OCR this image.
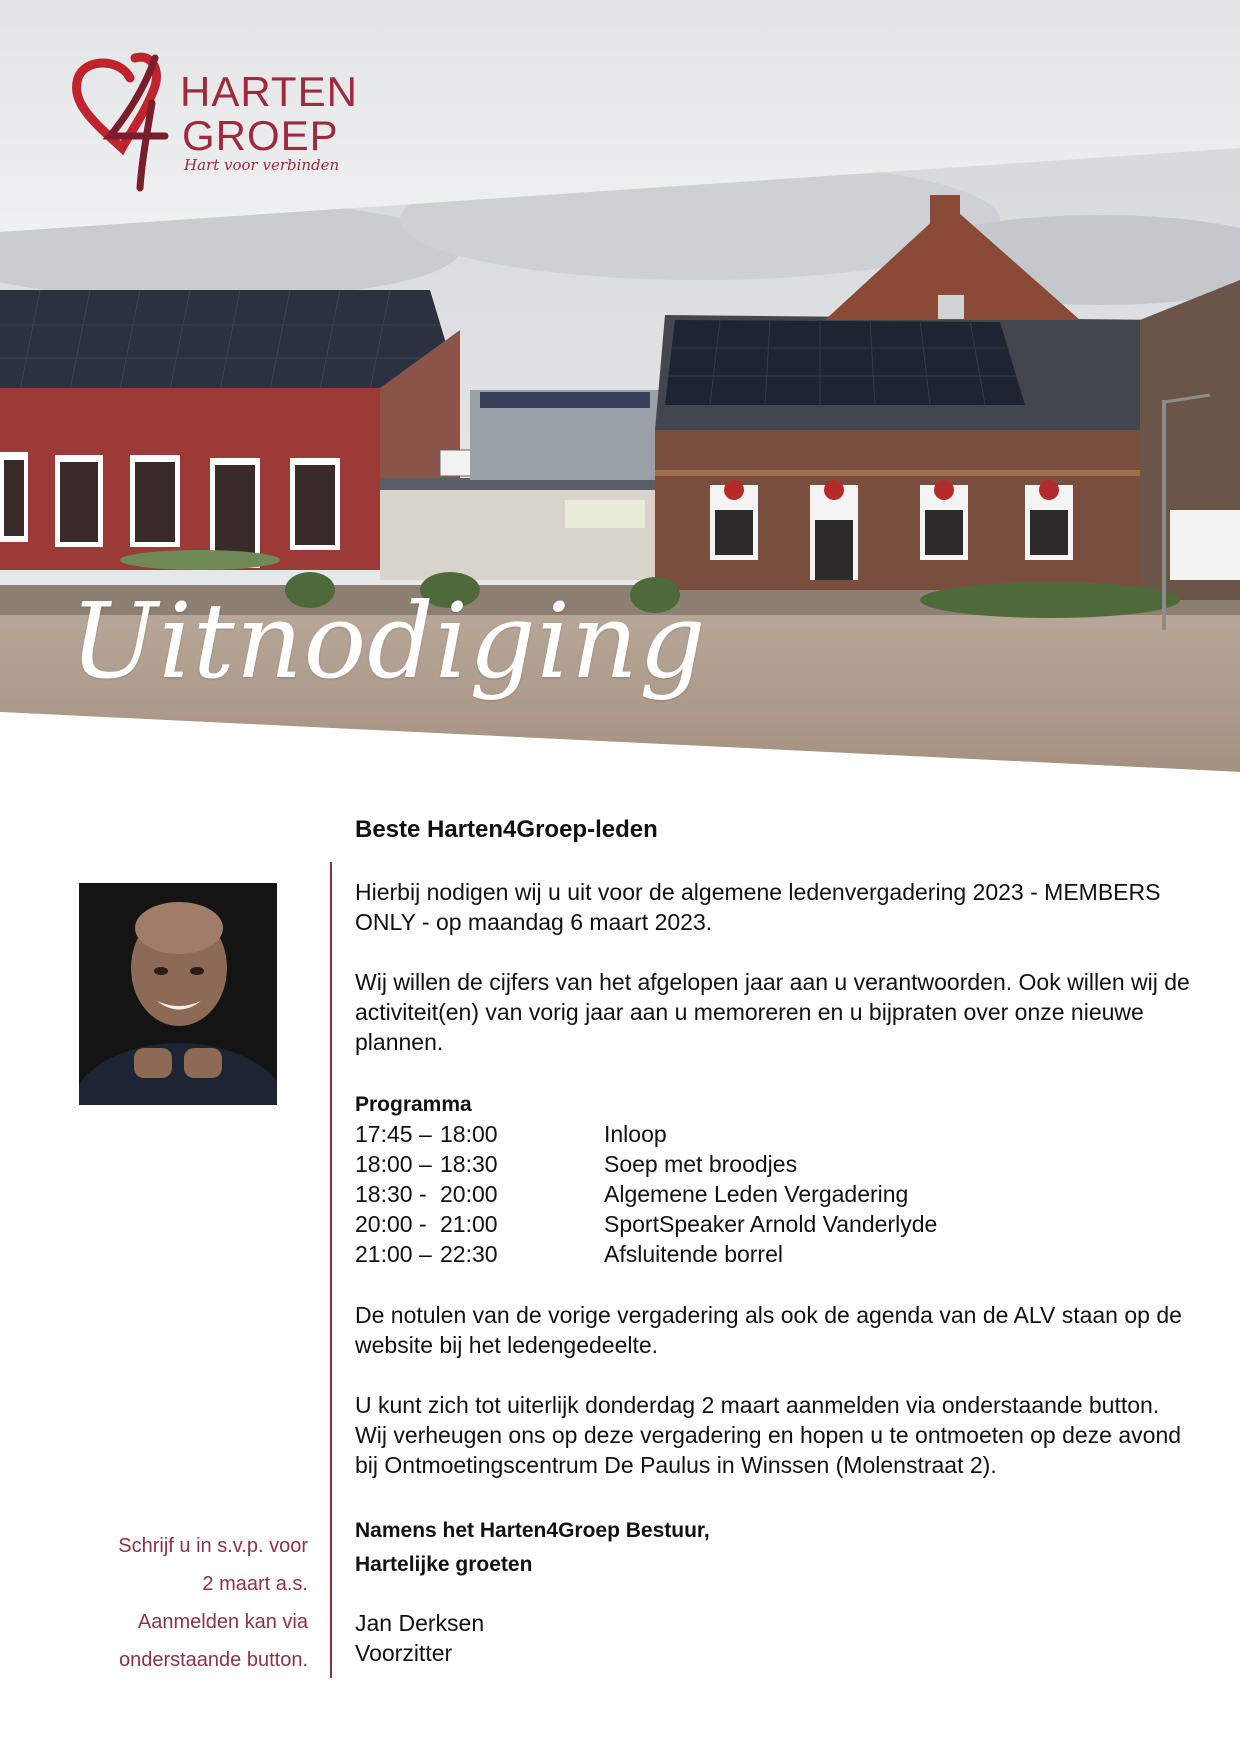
HARTEN
GROEP
Hart voor verbinden
Uitnodiging
Beste Harten4Groep-leden
Hierbij nodigen wij u uit voor de algemene ledenvergadering 2023 - MEMBERS ONLY - op maandag 6 maart 2023.
Wij willen de cijfers van het afgelopen jaar aan u verantwoorden. Ook willen wij de activiteit(en) van vorig jaar aan u memoreren en u bijpraten over onze nieuwe plannen.
Programma
17:45 – 18:00	Inloop
18:00 – 18:30	Soep met broodjes
18:30 - 20:00	Algemene Leden Vergadering
20:00 - 21:00	SportSpeaker Arnold Vanderlyde
21:00 – 22:30	Afsluitende borrel
De notulen van de vorige vergadering als ook de agenda van de ALV staan op de website bij het ledengedeelte.
U kunt zich tot uiterlijk donderdag 2 maart aanmelden via onderstaande button. Wij verheugen ons op deze vergadering en hopen u te ontmoeten op deze avond bij Ontmoetingscentrum De Paulus in Winssen (Molenstraat 2).
Namens het Harten4Groep Bestuur,
Hartelijke groeten
Jan Derksen
Voorzitter
Schrijf u in s.v.p. voor
2 maart a.s.
Aanmelden kan via
onderstaande button.
